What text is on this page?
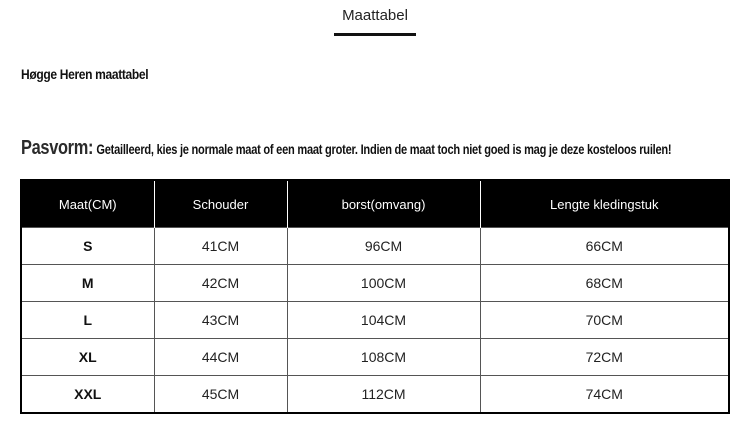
Maattabel
Høgge Heren maattabel
Pasvorm: Getailleerd, kies je normale maat of een maat groter. Indien de maat toch niet goed is mag je deze kosteloos ruilen!
Maat(CM)	Schouder	borst(omvang)	Lengte kledingstuk
S	41CM	96CM	66CM
M	42CM	100CM	68CM
L	43CM	104CM	70CM
XL	44CM	108CM	72CM
XXL	45CM	112CM	74CM
